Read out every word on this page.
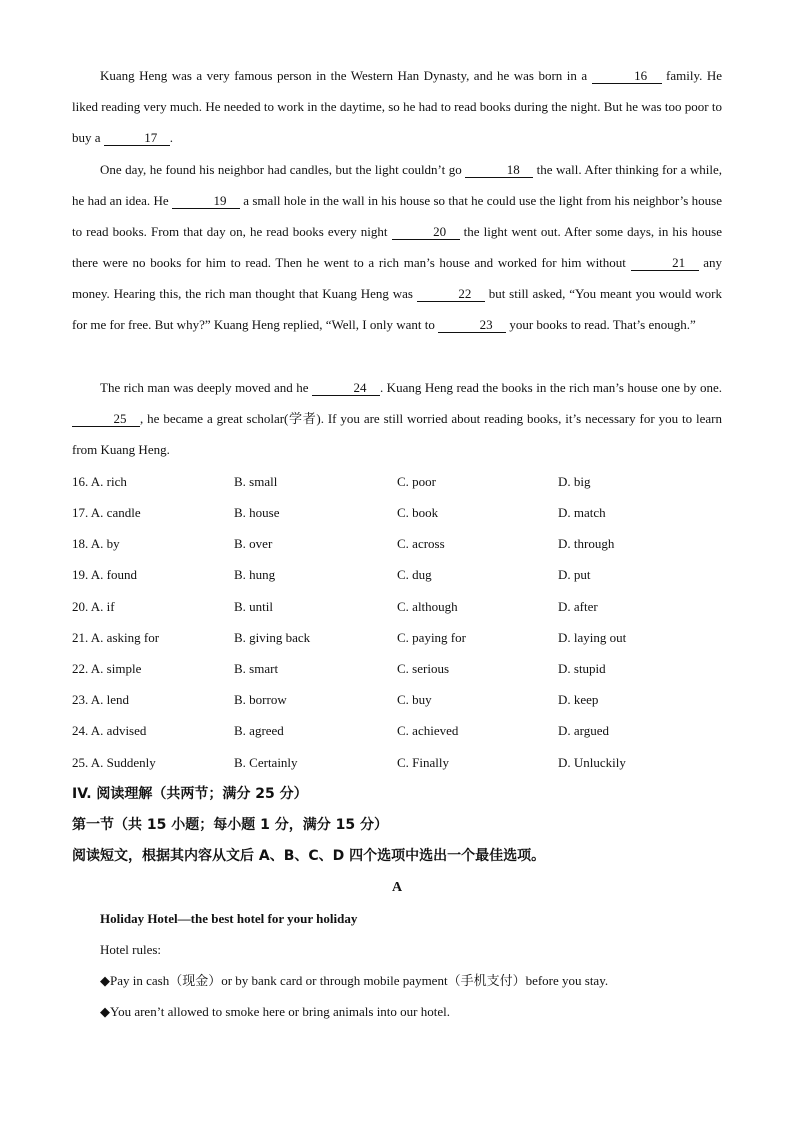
Kuang Heng was a very famous person in the Western Han Dynasty, and he was born in a	16 family. He liked reading very much. He needed to work in the daytime, so he had to read books during the night. But he was too poor to buy a	17 .

One day, he found his neighbor had candles, but the light couldn’t go	18 the wall. After thinking for a while, he had an idea. He	19 a small hole in the wall in his house so that he could use the light from his neighbor’s house to read books. From that day on, he read books every night	20 the light went out. After some days, in his house there were no books for him to read. Then he went to a rich man’s house and worked for him without	21 any money. Hearing this, the rich man thought that Kuang Heng was	22 but still asked, “You meant you would work for me for free. But why?” Kuang Heng replied, “Well, I only want to	23 your books to read. That’s enough.”

The rich man was deeply moved and he	24 . Kuang Heng read the books in the rich man’s house one by one. 25 , he became a great scholar(学者). If you are still worried about reading books, it’s necessary for you to learn from Kuang Heng.

16. A. rich	B. small	C. poor	D. big
17. A. candle	B. house	C. book	D. match
18. A. by	B. over	C. across	D. through
19. A. found	B. hung	C. dug	D. put
20. A. if	B. until	C. although	D. after
21. A. asking for	B. giving back	C. paying for	D. laying out
22. A. simple	B. smart	C. serious	D. stupid
23. A. lend	B. borrow	C. buy	D. keep
24. A. advised	B. agreed	C. achieved	D. argued
25. A. Suddenly	B. Certainly	C. Finally	D. Unluckily
IV. 阅读理解（共两节；满分 25 分）
第一节（共 15 小题；每小题 1 分，满分 15 分）
阅读短文，根据其内容从文后 A、B、C、D 四个选项中选出一个最佳选项。
A
Holiday Hotel—the best hotel for your holiday
Hotel rules:
◆Pay in cash（现金）or by bank card or through mobile payment（手机支付）before you stay.
◆You aren’t allowed to smoke here or bring animals into our hotel.
